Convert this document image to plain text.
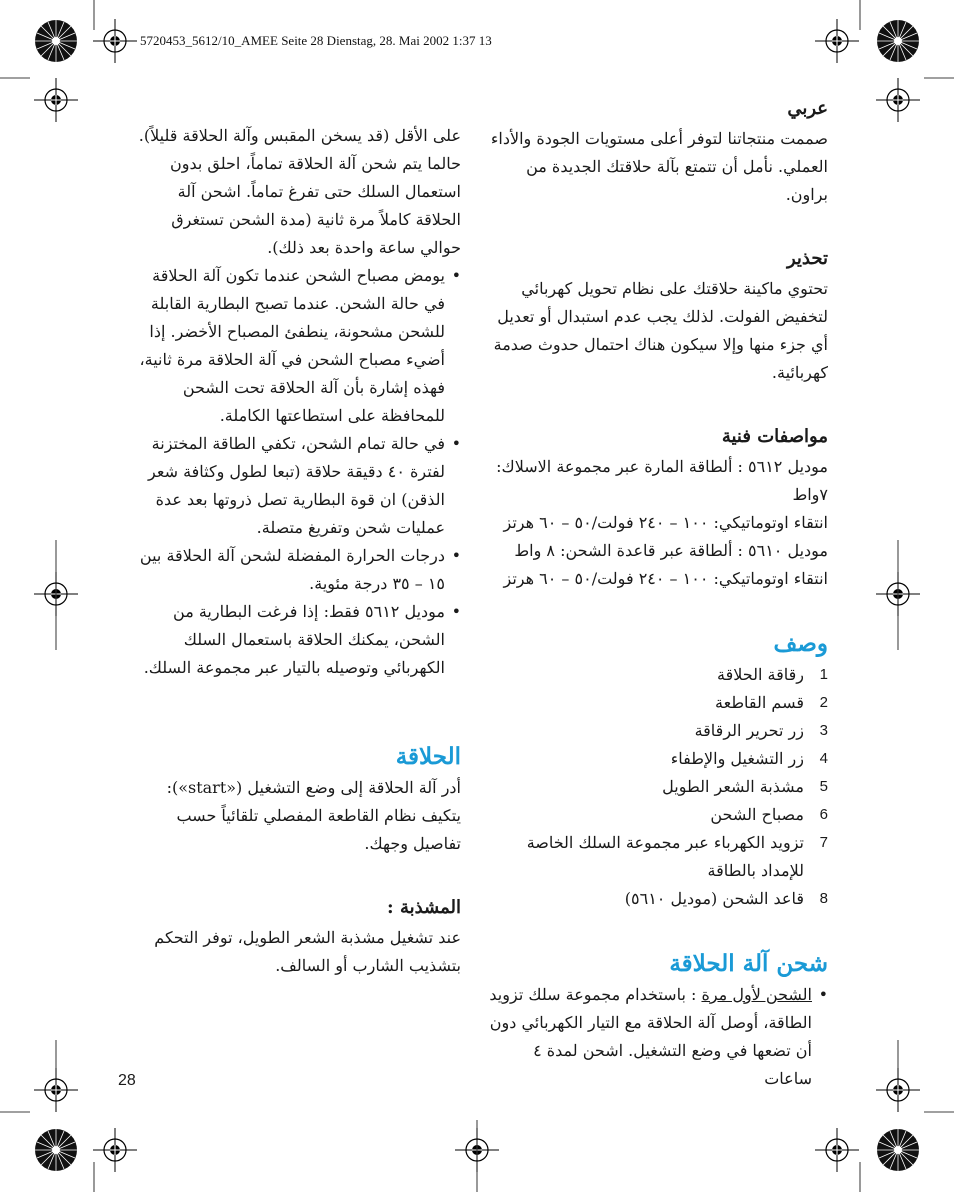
5720453_5612/10_AMEE Seite 28 Dienstag, 28. Mai 2002 1:37 13
عربي

صممت منتجاتنا لتوفر أعلى مستويات الجودة والأداء العملي. نأمل أن تتمتع بآلة حلاقتك الجديدة من براون.

تحذير

تحتوي ماكينة حلاقتك على نظام تحويل كهربائي لتخفيض الفولت. لذلك يجب عدم استبدال أو تعديل أي جزء منها وإلا سيكون هناك احتمال حدوث صدمة كهربائية.

مواصفات فنية

موديل ٥٦١٢ : ألطاقة المارة عبر مجموعة الاسلاك: ٧واط

انتقاء اوتوماتيكي: ١٠٠ – ٢٤٠ فولت/٥٠ – ٦٠ هرتز

موديل ٥٦١٠ : ألطاقة عبر قاعدة الشحن: ٨ واط

انتقاء اوتوماتيكي: ١٠٠ – ٢٤٠ فولت/٥٠ – ٦٠ هرتز

وصف
1
رقاقة الحلاقة
2
قسم القاطعة
3
زر تحرير الرقاقة
4
زر التشغيل والإطفاء
5
مشذبة الشعر الطويل
6
مصباح الشحن
7
تزويد الكهرباء عبر مجموعة السلك الخاصة للإمداد بالطاقة
8
قاعد الشحن (موديل ٥٦١٠)
شحن آلة الحلاقة
• الشحن لأول مرة : باستخدام مجموعة سلك تزويد الطاقة، أوصل آلة الحلاقة مع التيار الكهربائي دون أن تضعها في وضع التشغيل. اشحن لمدة ٤ ساعات

على الأقل (قد يسخن المقبس وآلة الحلاقة قليلاً). حالما يتم شحن آلة الحلاقة تماماً، احلق بدون استعمال السلك حتى تفرغ تماماً. اشحن آلة الحلاقة كاملاً مرة ثانية (مدة الشحن تستغرق حوالي ساعة واحدة بعد ذلك).

• يومض مصباح الشحن عندما تكون آلة الحلاقة في حالة الشحن. عندما تصبح البطارية القابلة للشحن مشحونة، ينطفئ المصباح الأخضر. إذا أضيء مصباح الشحن في آلة الحلاقة مرة ثانية، فهذه إشارة بأن آلة الحلاقة تحت الشحن للمحافظة على استطاعتها الكاملة.
• في حالة تمام الشحن، تكفي الطاقة المختزنة لفترة ٤٠ دقيقة حلاقة (تبعا لطول وكثافة شعر الذقن) ان قوة البطارية تصل ذروتها بعد عدة عمليات شحن وتفريغ متصلة.
• درجات الحرارة المفضلة لشحن آلة الحلاقة بين ١٥ – ٣٥ درجة مئوية.
• موديل ٥٦١٢ فقط: إذا فرغت البطارية من الشحن، يمكنك الحلاقة باستعمال السلك الكهربائي وتوصيله بالتيار عبر مجموعة السلك.
الحلاقة

أدر آلة الحلاقة إلى وضع التشغيل («start»): يتكيف نظام القاطعة المفصلي تلقائياً حسب تفاصيل وجهك.

المشذبة :

عند تشغيل مشذبة الشعر الطويل، توفر التحكم بتشذيب الشارب أو السالف.

28
